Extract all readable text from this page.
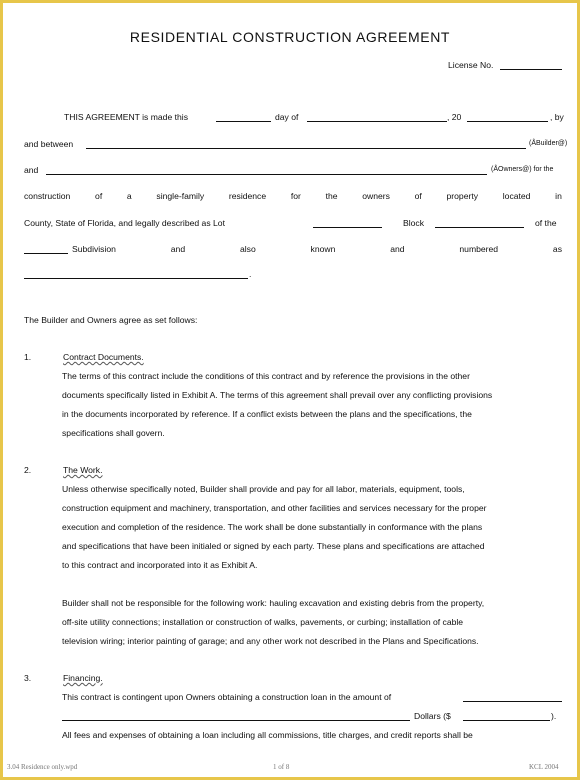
RESIDENTIAL CONSTRUCTION AGREEMENT
License No.
THIS AGREEMENT is made this	day of	, 20	, by
and between	(ÅBuilder@)
and	(ÅOwners@) for the
construction	of	a	single-family	residence	for	the	owners	of	property	located	in
County, State of Florida, and legally described as Lot	Block	of the
Subdivision	and	also	known	and	numbered	as
.
The Builder and Owners agree as set follows:
1.	Contract Documents.
The terms of this contract include the conditions of this contract and by reference the provisions in the other
documents specifically listed in Exhibit A. The terms of this agreement shall prevail over any conflicting provisions
in the documents incorporated by reference. If a conflict exists between the plans and the specifications, the
specifications shall govern.
2.	The Work.
Unless otherwise specifically noted, Builder shall provide and pay for all labor, materials, equipment, tools,
construction equipment and machinery, transportation, and other facilities and services necessary for the proper
execution and completion of the residence. The work shall be done substantially in conformance with the plans
and specifications that have been initialed or signed by each party. These plans and specifications are attached
to this contract and incorporated into it as Exhibit A.
Builder shall not be responsible for the following work: hauling excavation and existing debris from the property,
off-site utility connections; installation or construction of walks, pavements, or curbing; installation of cable
television wiring; interior painting of garage; and any other work not described in the Plans and Specifications.
3.	Financing.
This contract is contingent upon Owners obtaining a construction loan in the amount of
Dollars ($	).
All fees and expenses of obtaining a loan including all commissions, title charges, and credit reports shall be
3.04 Residence only.wpd	1 of 8	KCL 2004
